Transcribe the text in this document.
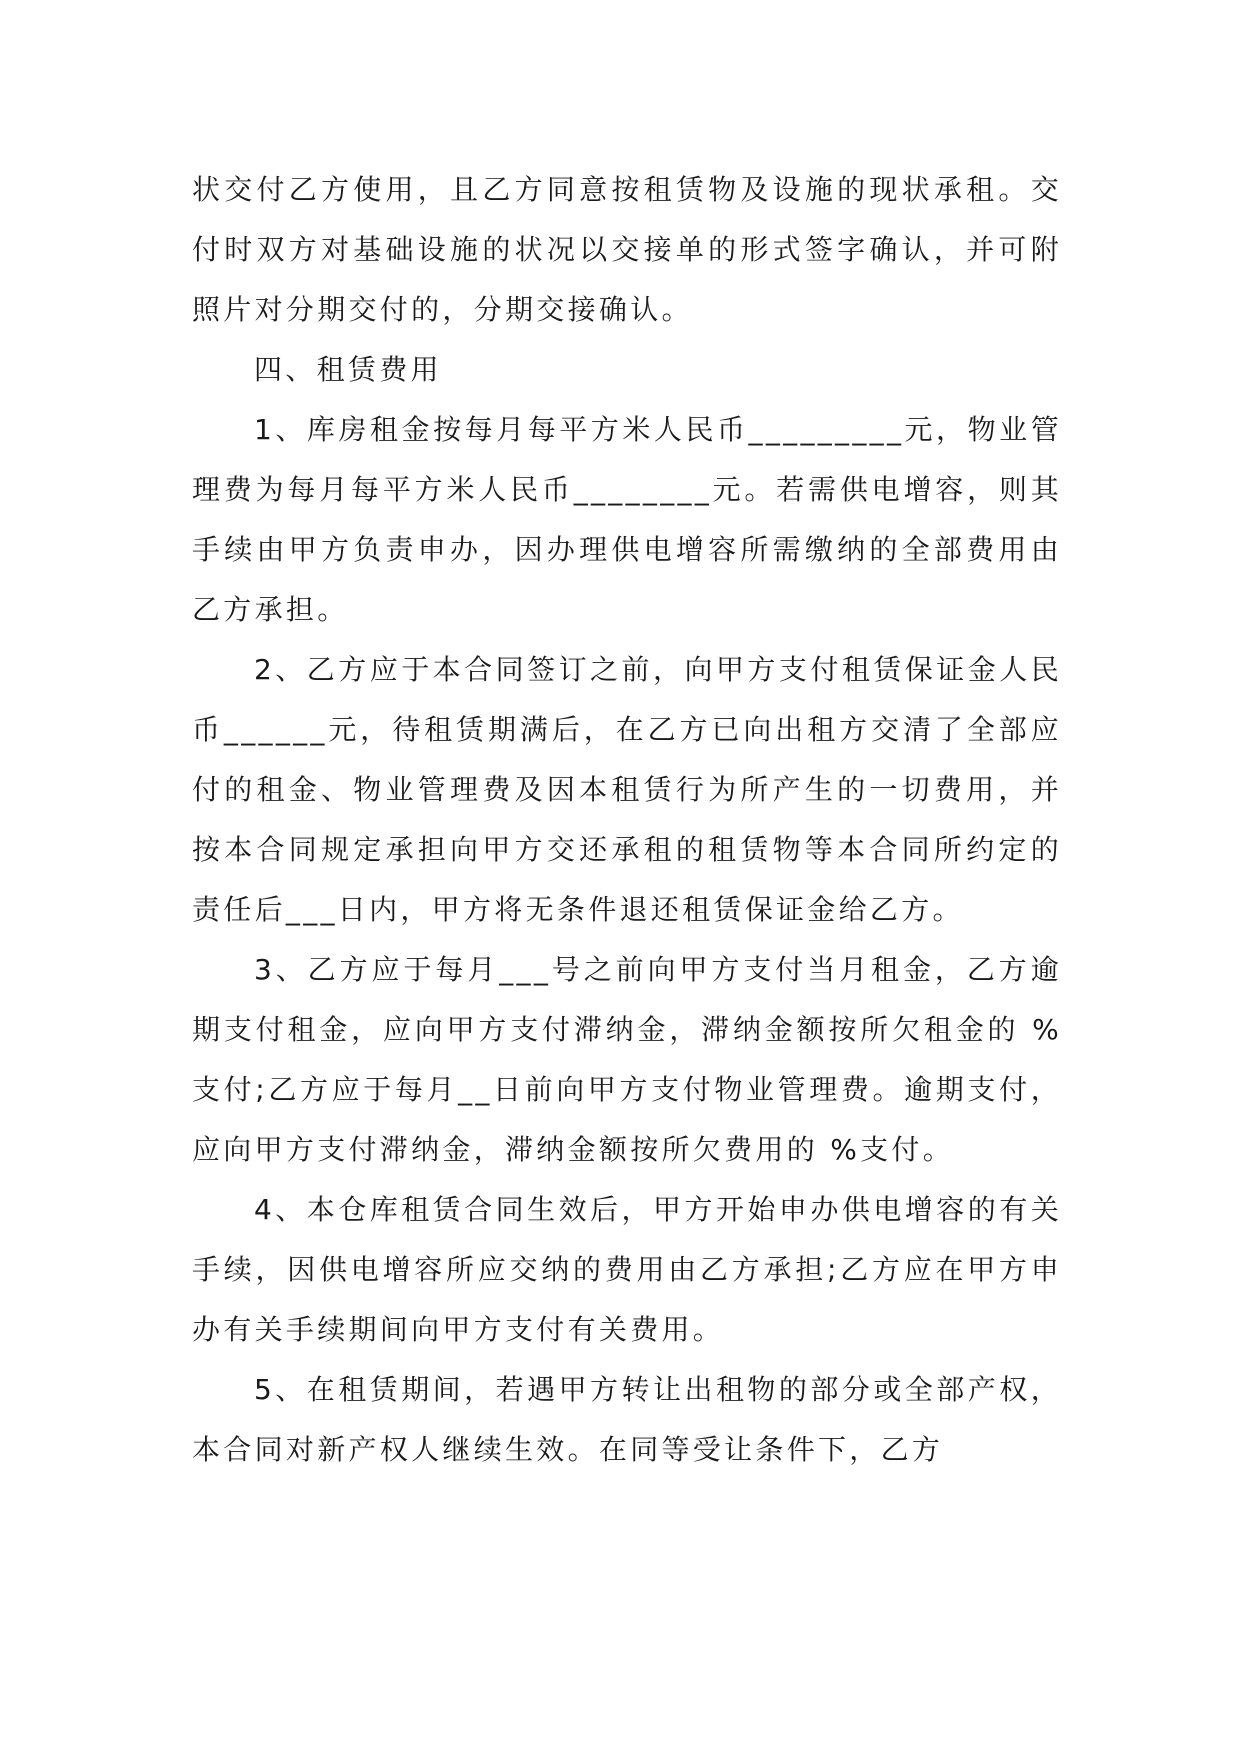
状交付乙方使用，且乙方同意按租赁物及设施的现状承租。交付时双方对基础设施的状况以交接单的形式签字确认，并可附照片对分期交付的，分期交接确认。

四、租赁费用

1、库房租金按每月每平方米人民币_________元，物业管理费为每月每平方米人民币________元。若需供电增容，则其手续由甲方负责申办，因办理供电增容所需缴纳的全部费用由乙方承担。

2、乙方应于本合同签订之前，向甲方支付租赁保证金人民币______元，待租赁期满后，在乙方已向出租方交清了全部应付的租金、物业管理费及因本租赁行为所产生的一切费用，并按本合同规定承担向甲方交还承租的租赁物等本合同所约定的责任后___日内，甲方将无条件退还租赁保证金给乙方。

3、乙方应于每月___号之前向甲方支付当月租金，乙方逾期支付租金，应向甲方支付滞纳金，滞纳金额按所欠租金的 %支付;乙方应于每月__日前向甲方支付物业管理费。逾期支付，应向甲方支付滞纳金，滞纳金额按所欠费用的 %支付。

4、本仓库租赁合同生效后，甲方开始申办供电增容的有关手续，因供电增容所应交纳的费用由乙方承担;乙方应在甲方申办有关手续期间向甲方支付有关费用。

5、在租赁期间，若遇甲方转让出租物的部分或全部产权，本合同对新产权人继续生效。在同等受让条件下，乙方
